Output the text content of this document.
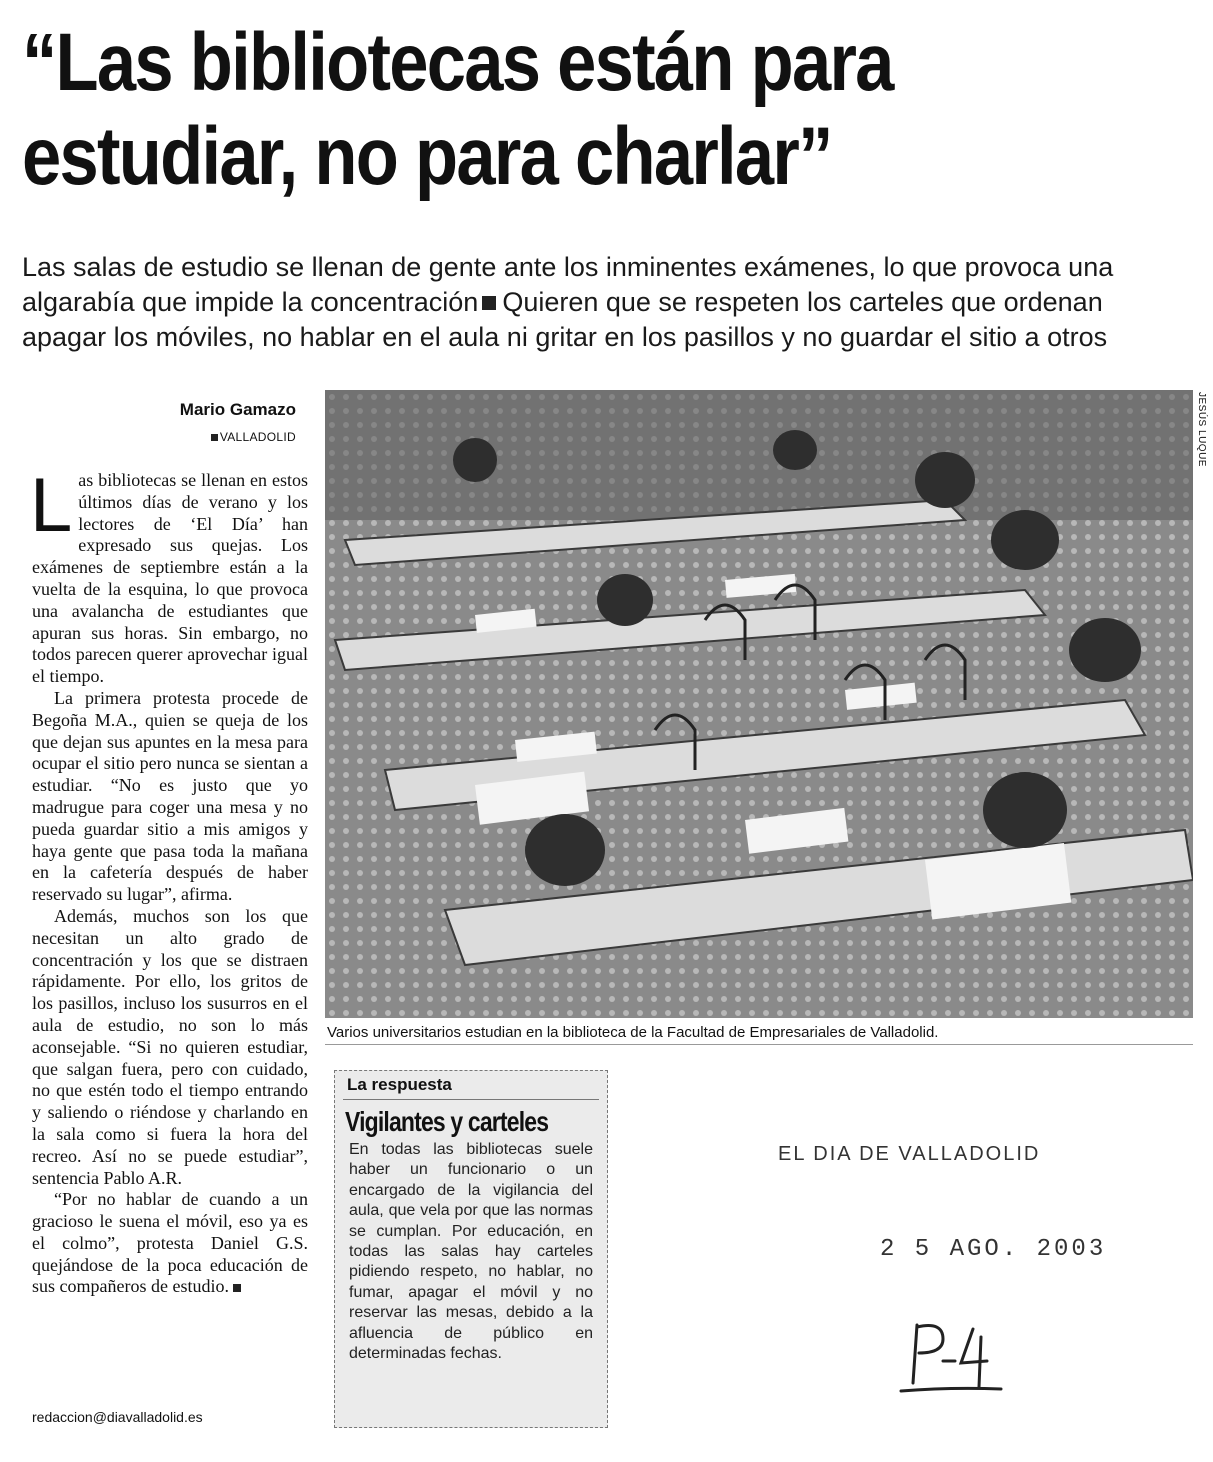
“Las bibliotecas están para
estudiar, no para charlar”
Las salas de estudio se llenan de gente ante los inminentes exámenes, lo que provoca una algarabía que impide la concentración Quieren que se respeten los carteles que ordenan apagar los móviles, no hablar en el aula ni gritar en los pasillos y no guardar el sitio a otros
Mario Gamazo
VALLADOLID

Las bibliotecas se llenan en estos últimos días de verano y los lectores de ‘El Día’ han expresado sus quejas. Los exámenes de septiembre están a la vuelta de la esquina, lo que provoca una avalancha de estudiantes que apuran sus horas. Sin embargo, no todos parecen querer aprovechar igual el tiempo.

La primera protesta procede de Begoña M.A., quien se queja de los que dejan sus apuntes en la mesa para ocupar el sitio pero nunca se sientan a estudiar. “No es justo que yo madrugue para coger una mesa y no pueda guardar sitio a mis amigos y haya gente que pasa toda la mañana en la cafetería después de haber reservado su lugar”, afirma.

Además, muchos son los que necesitan un alto grado de concentración y los que se distraen rápidamente. Por ello, los gritos de los pasillos, incluso los susurros en el aula de estudio, no son lo más aconsejable. “Si no quieren estudiar, que salgan fuera, pero con cuidado, no que estén todo el tiempo entrando y saliendo o riéndose y charlando en la sala como si fuera la hora del recreo. Así no se puede estudiar”, sentencia Pablo A.R.

“Por no hablar de cuando a un gracioso le suena el móvil, eso ya es el colmo”, protesta Daniel G.S. quejándose de la poca educación de sus compañeros de estudio.

redaccion@diavalladolid.es
JESÚS LUQUE
Varios universitarios estudian en la biblioteca de la Facultad de Empresariales de Valladolid.
La respuesta
Vigilantes y carteles
En todas las bibliotecas suele haber un funcionario o un encargado de la vigilancia del aula, que vela por que las normas se cumplan. Por educación, en todas las salas hay carteles pidiendo respeto, no hablar, no fumar, apagar el móvil y no reservar las mesas, debido a la afluencia de público en determinadas fechas.
EL DIA DE VALLADOLID
2 5 AGO. 2003
